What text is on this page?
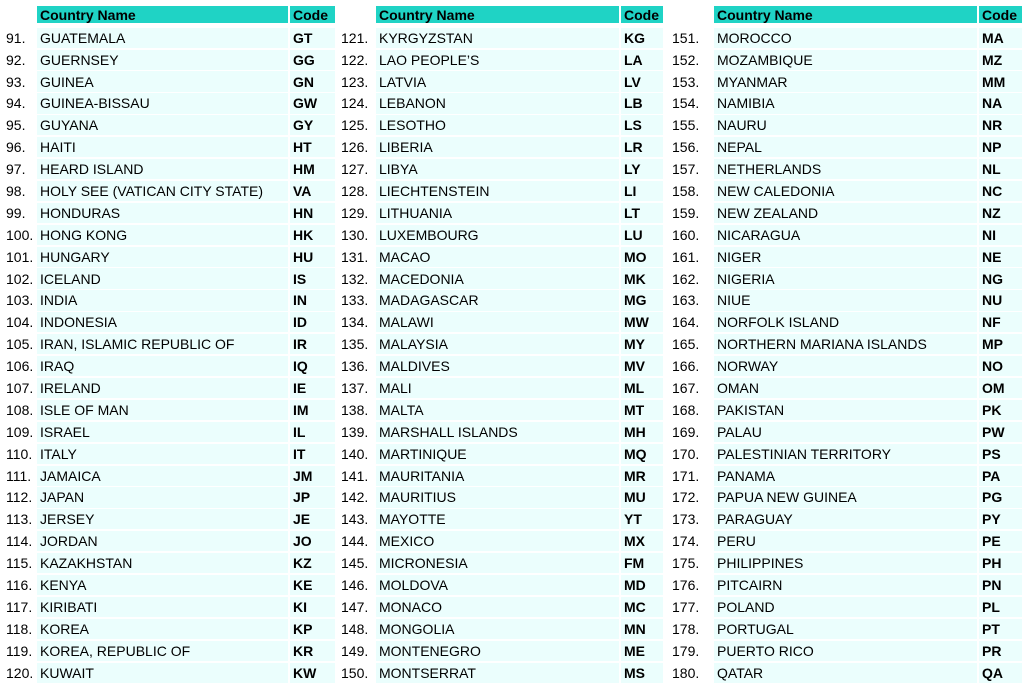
Country Name	Code
91.	GUATEMALA	GT
92.	GUERNSEY	GG
93.	GUINEA	GN
94.	GUINEA-BISSAU	GW
95.	GUYANA	GY
96.	HAITI	HT
97.	HEARD ISLAND	HM
98.	HOLY SEE (VATICAN CITY STATE)	VA
99.	HONDURAS	HN
100. HONG KONG	HK
101. HUNGARY	HU
102. ICELAND	IS
103. INDIA	IN
104. INDONESIA	ID
105. IRAN, ISLAMIC REPUBLIC OF	IR
106. IRAQ	IQ
107. IRELAND	IE
108. ISLE OF MAN	IM
109. ISRAEL	IL
110. ITALY	IT
111. JAMAICA	JM
112. JAPAN	JP
113. JERSEY	JE
114. JORDAN	JO
115. KAZAKHSTAN	KZ
116. KENYA	KE
117. KIRIBATI	KI
118. KOREA	KP
119. KOREA, REPUBLIC OF	KR
120. KUWAIT	KW
Country Name	Code
121. KYRGYZSTAN	KG
122. LAO PEOPLE’S	LA
123. LATVIA	LV
124. LEBANON	LB
125. LESOTHO	LS
126. LIBERIA	LR
127. LIBYA	LY
128. LIECHTENSTEIN	LI
129. LITHUANIA	LT
130. LUXEMBOURG	LU
131. MACAO	MO
132. MACEDONIA	MK
133. MADAGASCAR	MG
134. MALAWI	MW
135. MALAYSIA	MY
136. MALDIVES	MV
137. MALI	ML
138. MALTA	MT
139. MARSHALL ISLANDS	MH
140. MARTINIQUE	MQ
141. MAURITANIA	MR
142. MAURITIUS	MU
143. MAYOTTE	YT
144. MEXICO	MX
145. MICRONESIA	FM
146. MOLDOVA	MD
147. MONACO	MC
148. MONGOLIA	MN
149. MONTENEGRO	ME
150. MONTSERRAT	MS
Country Name	Code
151.	MOROCCO	MA
152.	MOZAMBIQUE	MZ
153.	MYANMAR	MM
154.	NAMIBIA	NA
155.	NAURU	NR
156.	NEPAL	NP
157.	NETHERLANDS	NL
158.	NEW CALEDONIA	NC
159.	NEW ZEALAND	NZ
160.	NICARAGUA	NI
161.	NIGER	NE
162.	NIGERIA	NG
163.	NIUE	NU
164.	NORFOLK ISLAND	NF
165.	NORTHERN MARIANA ISLANDS	MP
166.	NORWAY	NO
167.	OMAN	OM
168.	PAKISTAN	PK
169.	PALAU	PW
170.	PALESTINIAN TERRITORY	PS
171.	PANAMA	PA
172.	PAPUA NEW GUINEA	PG
173.	PARAGUAY	PY
174.	PERU	PE
175.	PHILIPPINES	PH
176.	PITCAIRN	PN
177.	POLAND	PL
178.	PORTUGAL	PT
179.	PUERTO RICO	PR
180.	QATAR	QA
